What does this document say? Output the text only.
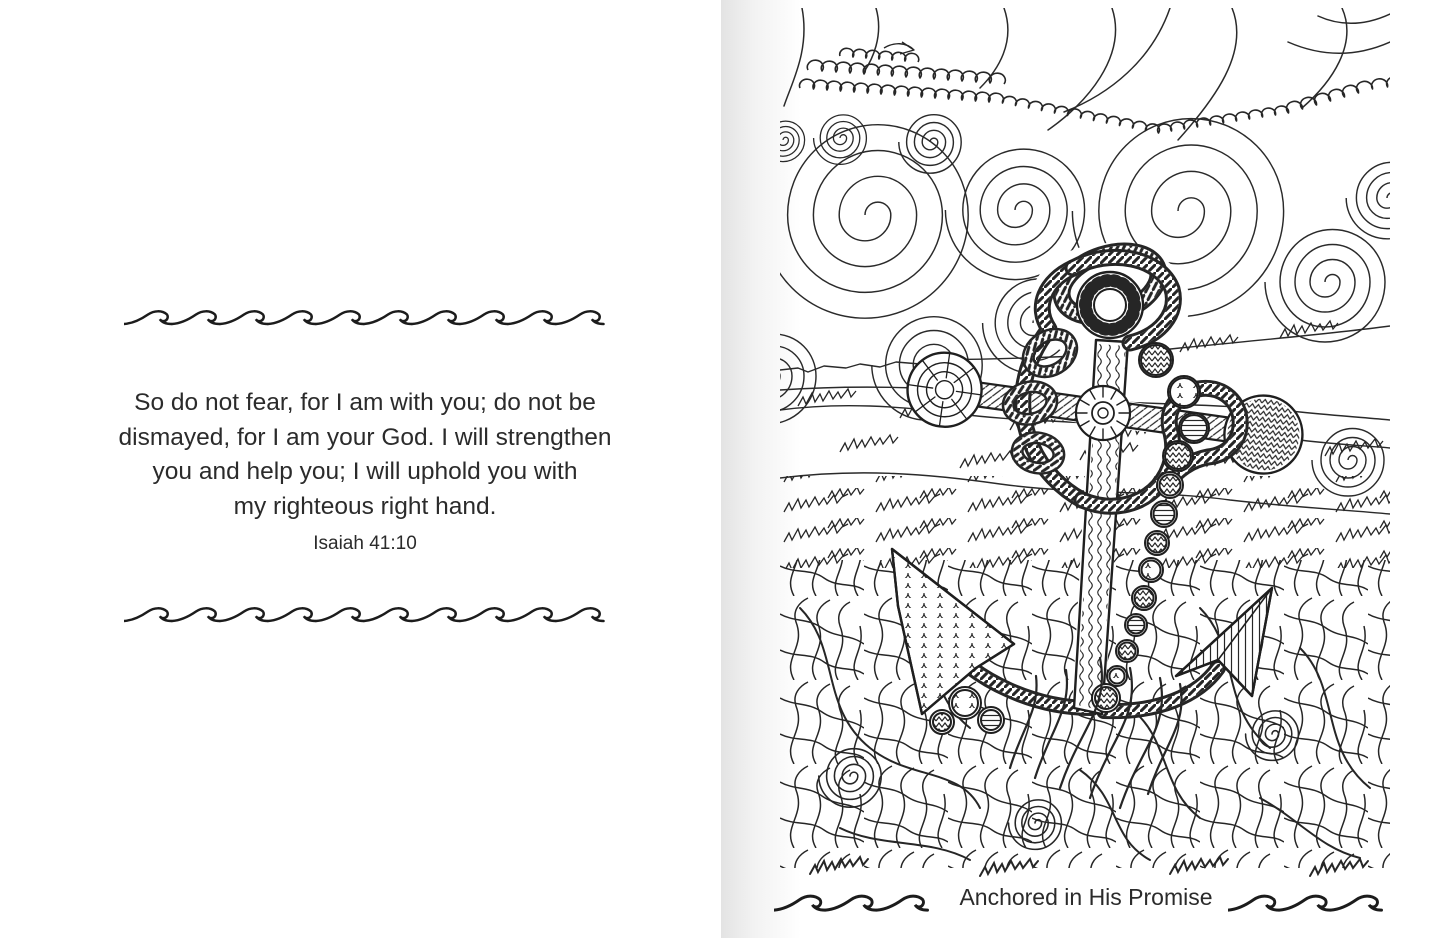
So do not fear, for I am with you; do not be
dismayed, for I am your God. I will strengthen
you and help you; I will uphold you with
my righteous right hand.
Isaiah 41:10
Anchored in His Promise
